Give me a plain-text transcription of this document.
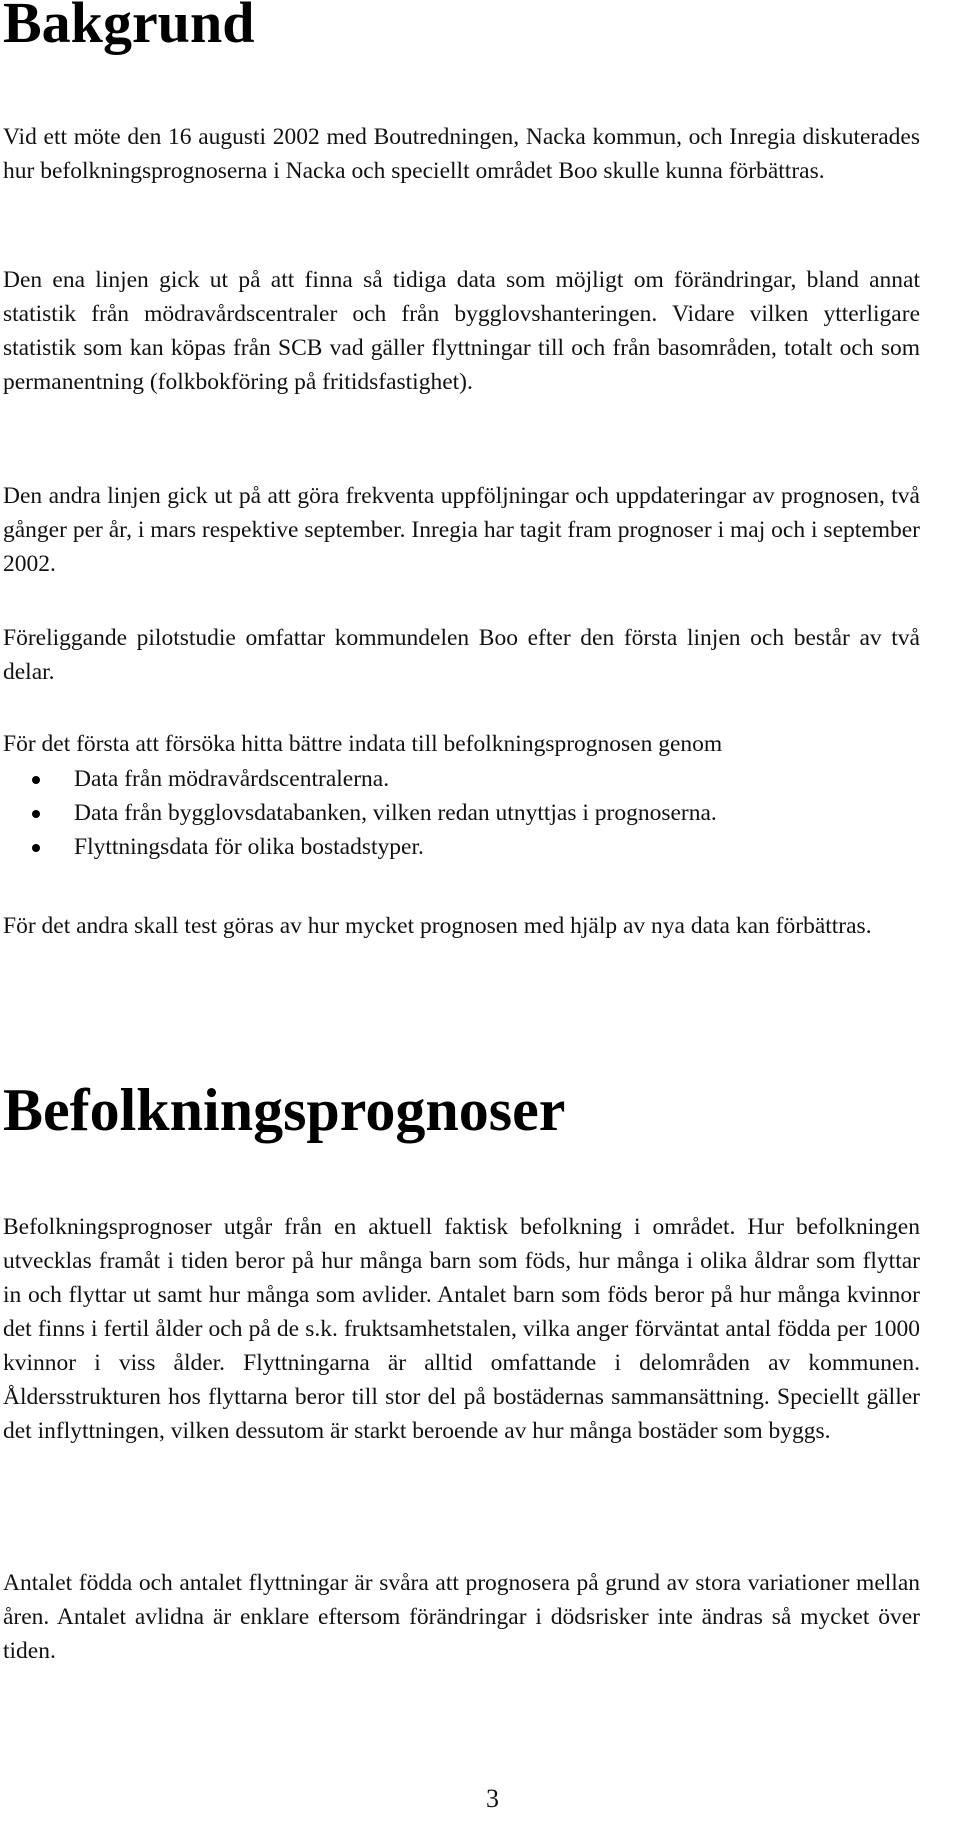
Bakgrund

Vid ett möte den 16 augusti 2002 med Boutredningen, Nacka kommun, och Inregia diskuterades hur befolkningsprognoserna i Nacka och speciellt området Boo skulle kunna förbättras.

Den ena linjen gick ut på att finna så tidiga data som möjligt om förändringar, bland annat statistik från mödravårdscentraler och från bygglovshanteringen. Vidare vilken ytterligare statistik som kan köpas från SCB vad gäller flyttningar till och från basområden, totalt och som permanentning (folkbokföring på fritidsfastighet).

Den andra linjen gick ut på att göra frekventa uppföljningar och uppdateringar av prognosen, två gånger per år, i mars respektive september. Inregia har tagit fram prognoser i maj och i september 2002.

Föreliggande pilotstudie omfattar kommundelen Boo efter den första linjen och består av två delar.

För det första att försöka hitta bättre indata till befolkningsprognosen genom

Data från mödravårdscentralerna.
Data från bygglovsdatabanken, vilken redan utnyttjas i prognoserna.
Flyttningsdata för olika bostadstyper.

För det andra skall test göras av hur mycket prognosen med hjälp av nya data kan förbättras.

Befolkningsprognoser

Befolkningsprognoser utgår från en aktuell faktisk befolkning i området. Hur befolkningen utvecklas framåt i tiden beror på hur många barn som föds, hur många i olika åldrar som flyttar in och flyttar ut samt hur många som avlider. Antalet barn som föds beror på hur många kvinnor det finns i fertil ålder och på de s.k. fruktsamhetstalen, vilka anger förväntat antal födda per 1000 kvinnor i viss ålder. Flyttningarna är alltid omfattande i delområden av kommunen. Åldersstrukturen hos flyttarna beror till stor del på bostädernas sammansättning. Speciellt gäller det inflyttningen, vilken dessutom är starkt beroende av hur många bostäder som byggs.

Antalet födda och antalet flyttningar är svåra att prognosera på grund av stora variationer mellan åren. Antalet avlidna är enklare eftersom förändringar i dödsrisker inte ändras så mycket över tiden.

3
